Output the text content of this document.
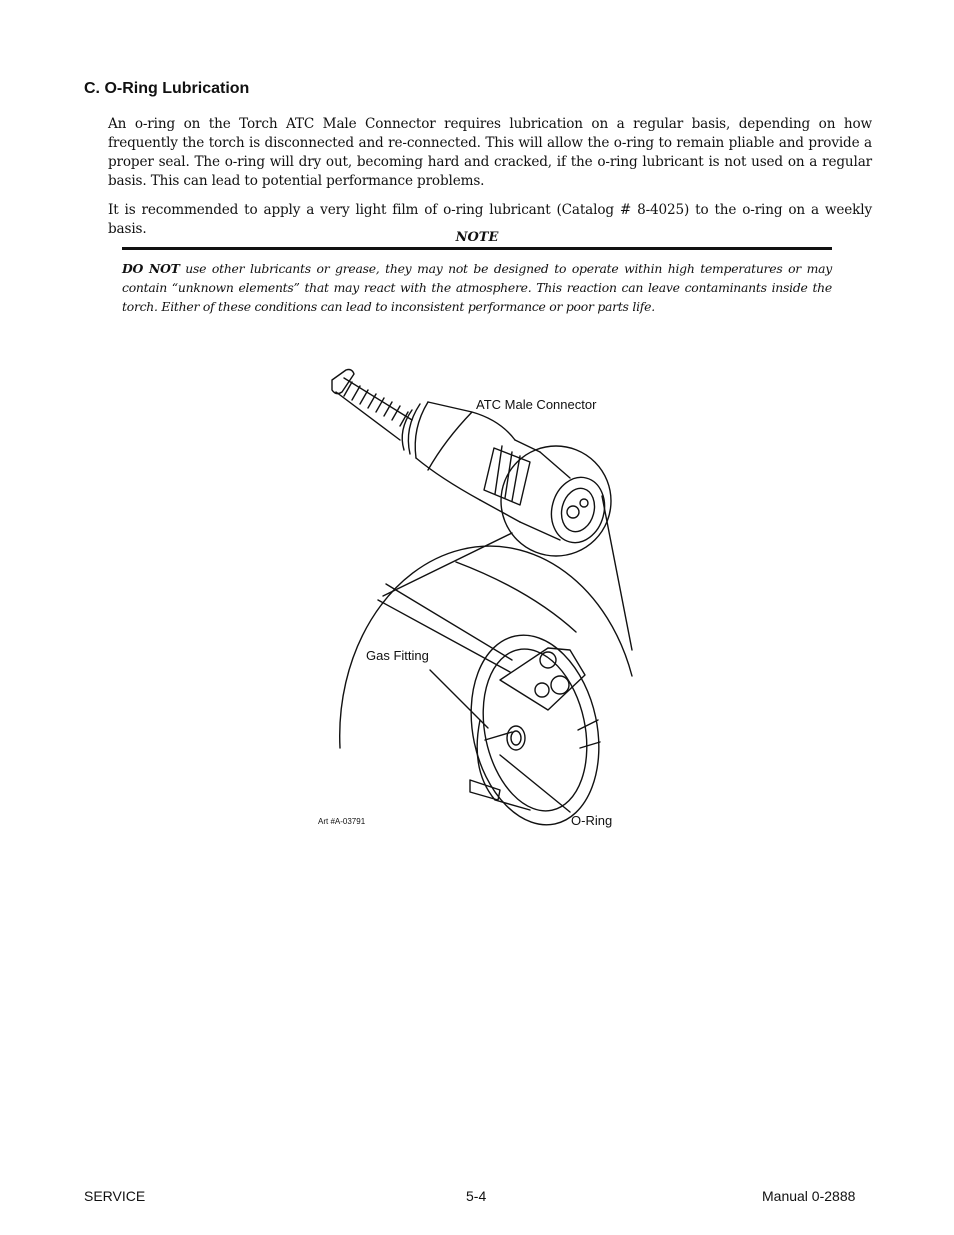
C. O-Ring Lubrication

An o-ring on the Torch ATC Male Connector requires lubrication on a regular basis, depending on how frequently the torch is disconnected and re-connected. This will allow the o-ring to remain pliable and provide a proper seal. The o-ring will dry out, becoming hard and cracked, if the o-ring lubricant is not used on a regular basis. This can lead to potential performance problems.

It is recommended to apply a very light film of o-ring lubricant (Catalog # 8-4025) to the o-ring on a weekly basis.

NOTE

DO NOT use other lubricants or grease, they may not be designed to operate within high temperatures or may contain “unknown elements” that may react with the atmosphere. This reaction can leave contaminants inside the torch. Either of these conditions can lead to inconsistent performance or poor parts life.

ATC Male Connector
Gas Fitting
O-Ring
Art #A-03791
SERVICE	5-4	Manual 0-2888
